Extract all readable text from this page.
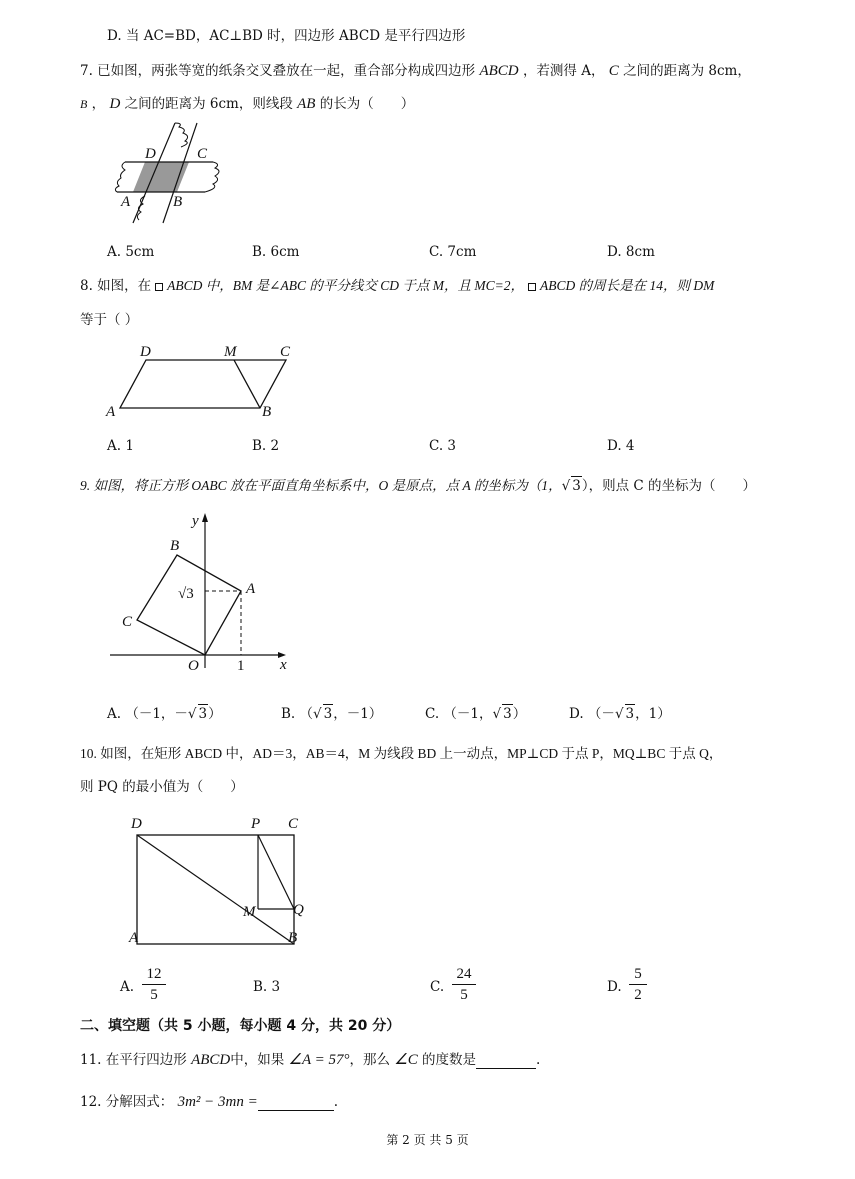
D. 当 AC=BD，AC⊥BD 时，四边形 ABCD 是平行四边形
7. 已如图，两张等宽的纸条交叉叠放在一起，重合部分构成四边形 ABCD ，若测得 A， C 之间的距离为 8cm，
B ， D 之间的距离为 6cm，则线段 AB 的长为（　　）
D	C
A	B
A. 5cm	B. 6cm	C. 7cm	D. 8cm
8. 如图，在 ABCD 中，BM 是∠ABC 的平分线交 CD 于点 M，且 MC=2， ABCD 的周长是在 14，则 DM
等于（ ）
D	M	C
A	B
A. 1	B. 2	C. 3	D. 4
9. 如图，将正方形 OABC 放在平面直角坐标系中，O 是原点，点 A 的坐标为（1，√ 3），则点 C 的坐标为（　　）
y
x
B
A
C
O	1
√3
A. （－1，－√ 3）	B. （√ 3，－1）	C. （－1，√ 3）	D. （－√ 3，1）
10. 如图，在矩形 ABCD 中，AD＝3，AB＝4，M 为线段 BD 上一动点，MP⊥CD 于点 P，MQ⊥BC 于点 Q，
则 PQ 的最小值为（　　）
D	P C
M	Q
A	B
A.
12
5	B. 3	C.
24
5	D.
5
2
二、填空题（共 5 小题，每小题 4 分，共 20 分）
11. 在平行四边形 ABCD中，如果 ∠A = 57°，那么 ∠C 的度数是	.
12. 分解因式： 3m² − 3mn =	.
第 2 页 共 5 页
